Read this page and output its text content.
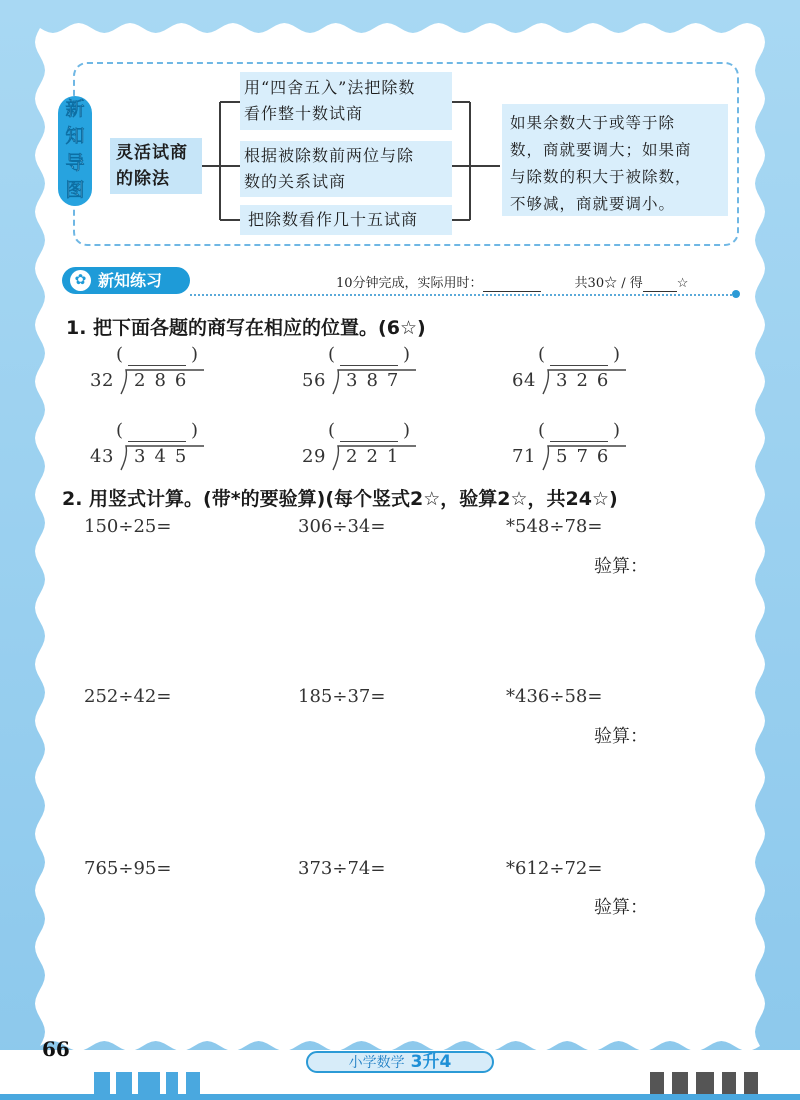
新
知
导
图
灵活试商
的除法
用“四舍五入”法把除数
看作整十数试商
根据被除数前两位与除
数的关系试商
把除数看作几十五试商
如果余数大于或等于除
数，商就要调大；如果商
与除数的积大于被除数，
不够减，商就要调小。
✿ 新知练习	10分钟完成，实际用时：	共30☆ / 得	☆
1. 把下面各题的商写在相应的位置。(6☆)
(	)
32 286
(	)
56 387
(	)
64 326
(	)
43 345
(	)
29 221
(	)
71 576
2. 用竖式计算。(带*的要验算)(每个竖式2☆，验算2☆，共24☆)
150÷25=	306÷34=	*548÷78=
验算：
252÷42=	185÷37=	*436÷58=
验算：
765÷95=	373÷74=	*612÷72=
验算：
66
小学数学 3升4
